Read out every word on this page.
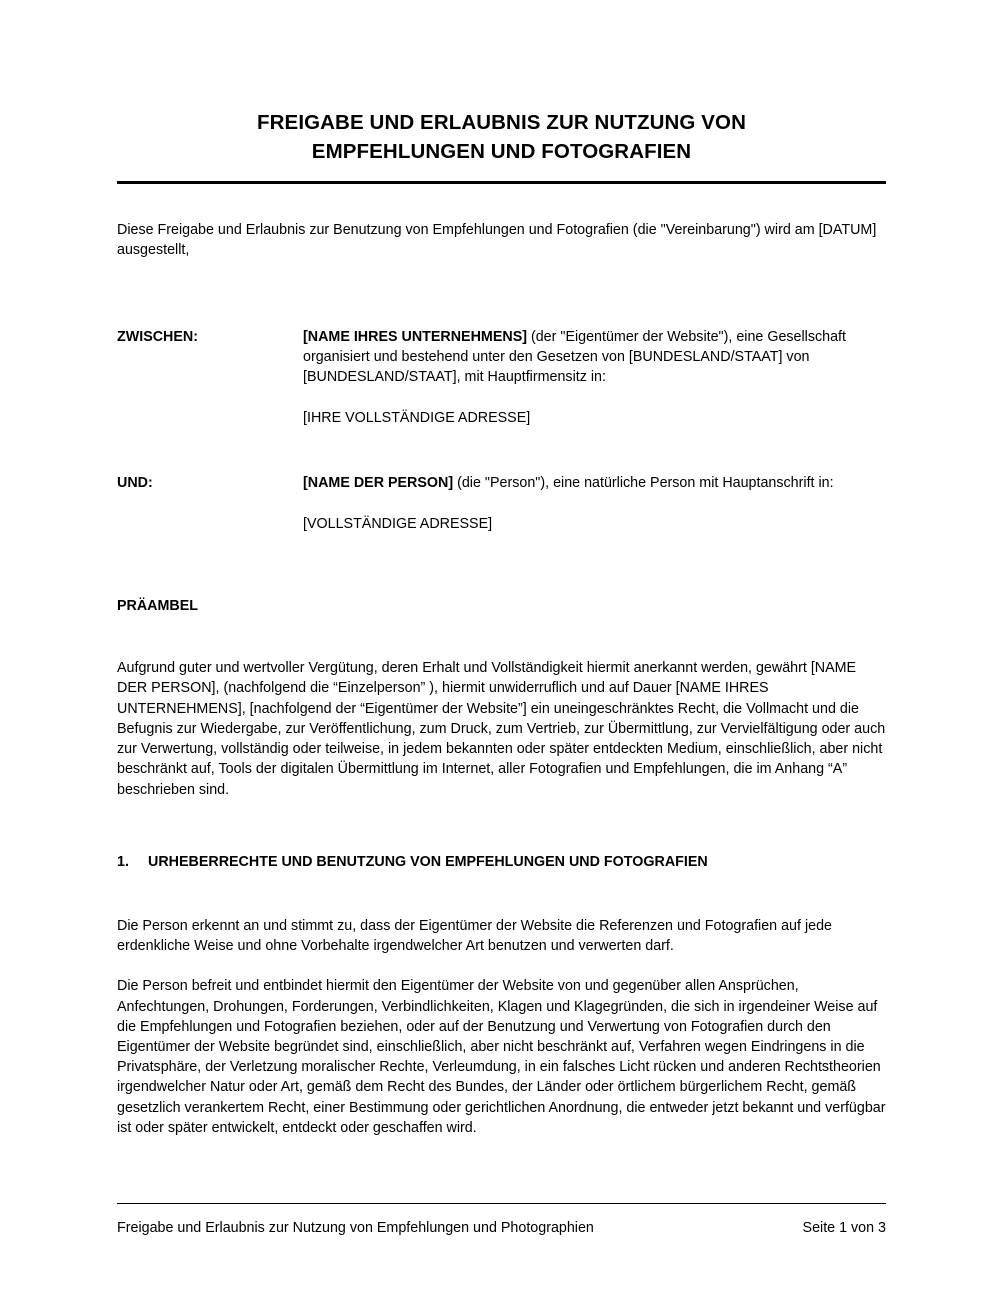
FREIGABE UND ERLAUBNIS ZUR NUTZUNG VON
EMPFEHLUNGEN UND FOTOGRAFIEN

Diese Freigabe und Erlaubnis zur Benutzung von Empfehlungen und Fotografien (die "Vereinbarung") wird am [DATUM] ausgestellt,

ZWISCHEN:	[NAME IHRES UNTERNEHMENS] (der "Eigentümer der Website"), eine Gesellschaft organisiert und bestehend unter den Gesetzen von [BUNDESLAND/STAAT] von [BUNDESLAND/STAAT], mit Hauptfirmensitz in:
[IHRE VOLLSTÄNDIGE ADRESSE]
UND:	[NAME DER PERSON] (die "Person"), eine natürliche Person mit Hauptanschrift in:
[VOLLSTÄNDIGE ADRESSE]
PRÄAMBEL

Aufgrund guter und wertvoller Vergütung, deren Erhalt und Vollständigkeit hiermit anerkannt werden, gewährt [NAME DER PERSON], (nachfolgend die “Einzelperson” ), hiermit unwiderruflich und auf Dauer [NAME IHRES UNTERNEHMENS], [nachfolgend der “Eigentümer der Website”] ein uneingeschränktes Recht, die Vollmacht und die Befugnis zur Wiedergabe, zur Veröffentlichung, zum Druck, zum Vertrieb, zur Übermittlung, zur Vervielfältigung oder auch zur Verwertung, vollständig oder teilweise, in jedem bekannten oder später entdeckten Medium, einschließlich, aber nicht beschränkt auf, Tools der digitalen Übermittlung im Internet, aller Fotografien und Empfehlungen, die im Anhang “A” beschrieben sind.

1.	URHEBERRECHTE UND BENUTZUNG VON EMPFEHLUNGEN UND FOTOGRAFIEN

Die Person erkennt an und stimmt zu, dass der Eigentümer der Website die Referenzen und Fotografien auf jede erdenkliche Weise und ohne Vorbehalte irgendwelcher Art benutzen und verwerten darf.

Die Person befreit und entbindet hiermit den Eigentümer der Website von und gegenüber allen Ansprüchen, Anfechtungen, Drohungen, Forderungen, Verbindlichkeiten, Klagen und Klagegründen, die sich in irgendeiner Weise auf die Empfehlungen und Fotografien beziehen, oder auf der Benutzung und Verwertung von Fotografien durch den Eigentümer der Website begründet sind, einschließlich, aber nicht beschränkt auf, Verfahren wegen Eindringens in die Privatsphäre, der Verletzung moralischer Rechte, Verleumdung, in ein falsches Licht rücken und anderen Rechtstheorien irgendwelcher Natur oder Art, gemäß dem Recht des Bundes, der Länder oder örtlichem bürgerlichem Recht, gemäß gesetzlich verankertem Recht, einer Bestimmung oder gerichtlichen Anordnung, die entweder jetzt bekannt und verfügbar ist oder später entwickelt, entdeckt oder geschaffen wird.

Freigabe und Erlaubnis zur Nutzung von Empfehlungen und Photographien	Seite 1 von 3
